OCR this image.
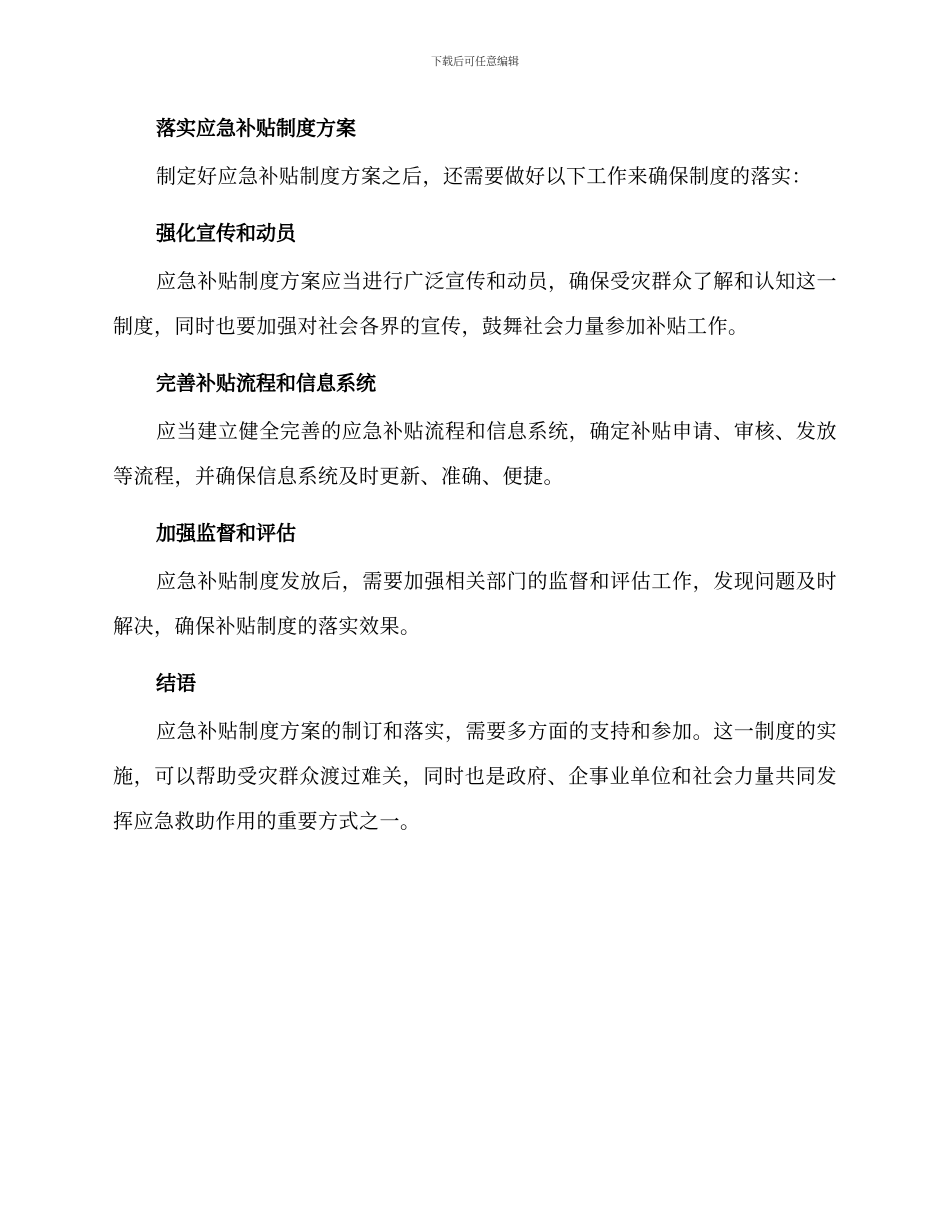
下载后可任意编辑
落实应急补贴制度方案

制定好应急补贴制度方案之后，还需要做好以下工作来确保制度的落实：

强化宣传和动员

应急补贴制度方案应当进行广泛宣传和动员，确保受灾群众了解和认知这一制度，同时也要加强对社会各界的宣传，鼓舞社会力量参加补贴工作。

完善补贴流程和信息系统

应当建立健全完善的应急补贴流程和信息系统，确定补贴申请、审核、发放等流程，并确保信息系统及时更新、准确、便捷。

加强监督和评估

应急补贴制度发放后，需要加强相关部门的监督和评估工作，发现问题及时解决，确保补贴制度的落实效果。

结语

应急补贴制度方案的制订和落实，需要多方面的支持和参加。这一制度的实施，可以帮助受灾群众渡过难关，同时也是政府、企事业单位和社会力量共同发挥应急救助作用的重要方式之一。
